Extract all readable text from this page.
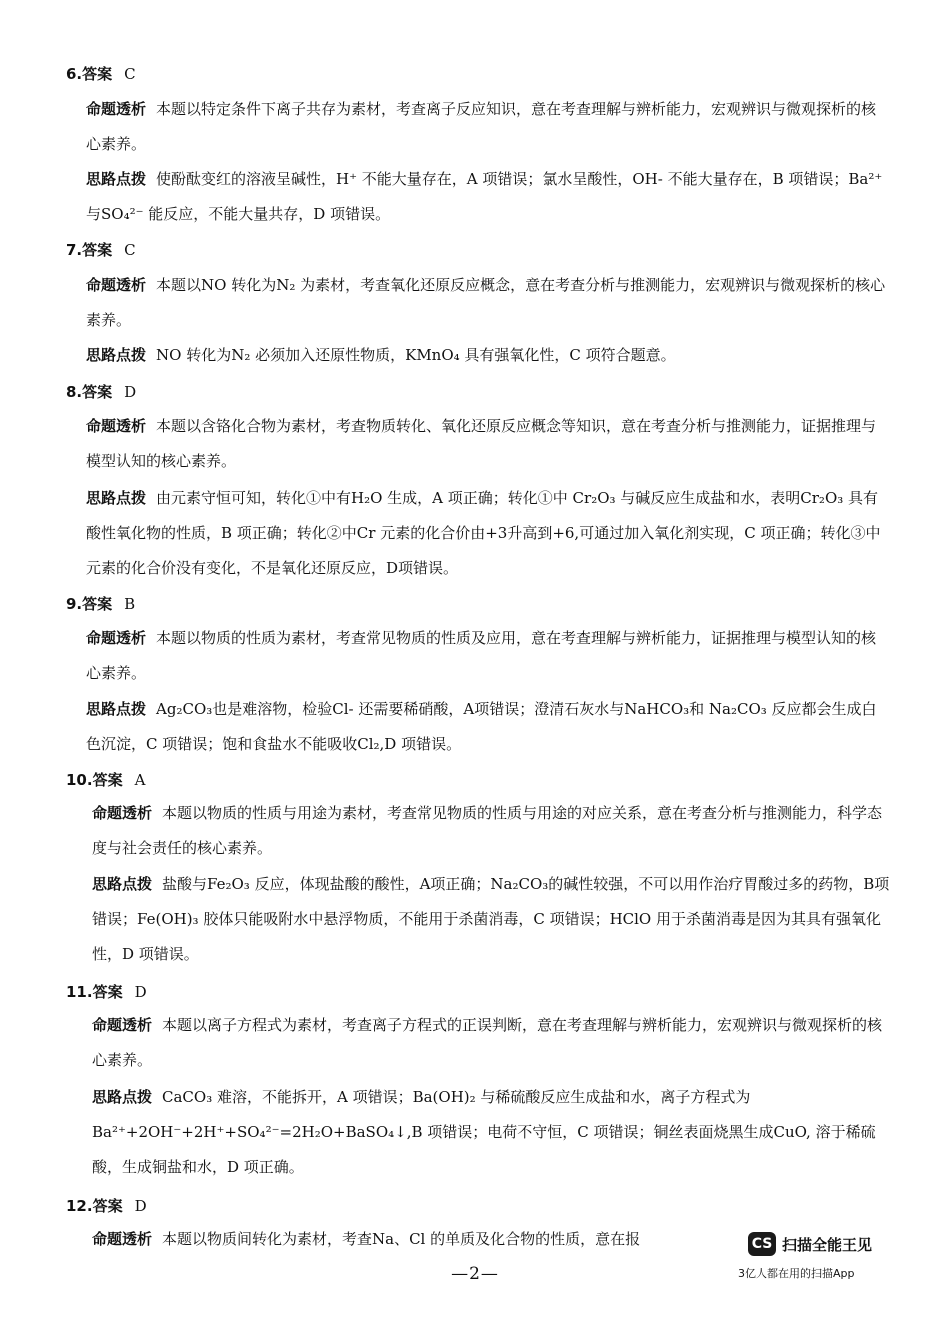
6.答案 C
命题透析 本题以特定条件下离子共存为素材，考查离子反应知识，意在考查理解与辨析能力，宏观辨识与微观探析的核心素养。
思路点拨 使酚酞变红的溶液呈碱性，H⁺ 不能大量存在，A 项错误；氯水呈酸性，OH- 不能大量存在，B 项错误；Ba²⁺与SO₄²⁻ 能反应，不能大量共存，D 项错误。
7.答案 C
命题透析 本题以NO 转化为N₂ 为素材，考查氧化还原反应概念，意在考查分析与推测能力，宏观辨识与微观探析的核心素养。
思路点拨 NO 转化为N₂ 必须加入还原性物质，KMnO₄ 具有强氧化性，C 项符合题意。
8.答案 D
命题透析 本题以含铬化合物为素材，考查物质转化、氧化还原反应概念等知识，意在考查分析与推测能力，证据推理与模型认知的核心素养。
思路点拨 由元素守恒可知，转化①中有H₂O 生成，A 项正确；转化①中 Cr₂O₃ 与碱反应生成盐和水，表明Cr₂O₃ 具有酸性氧化物的性质，B 项正确；转化②中Cr 元素的化合价由+3升高到+6,可通过加入氧化剂实现，C 项正确；转化③中元素的化合价没有变化，不是氧化还原反应，D项错误。
9.答案 B
命题透析 本题以物质的性质为素材，考查常见物质的性质及应用，意在考查理解与辨析能力，证据推理与模型认知的核心素养。
思路点拨 Ag₂CO₃也是难溶物，检验Cl- 还需要稀硝酸，A项错误；澄清石灰水与NaHCO₃和 Na₂CO₃ 反应都会生成白色沉淀，C 项错误；饱和食盐水不能吸收Cl₂,D 项错误。
10.答案 A
命题透析 本题以物质的性质与用途为素材，考查常见物质的性质与用途的对应关系，意在考查分析与推测能力，科学态度与社会责任的核心素养。
思路点拨 盐酸与Fe₂O₃ 反应，体现盐酸的酸性，A项正确；Na₂CO₃的碱性较强，不可以用作治疗胃酸过多的药物，B项错误；Fe(OH)₃ 胶体只能吸附水中悬浮物质，不能用于杀菌消毒，C 项错误；HClO 用于杀菌消毒是因为其具有强氧化性，D 项错误。
11.答案 D
命题透析 本题以离子方程式为素材，考查离子方程式的正误判断，意在考查理解与辨析能力，宏观辨识与微观探析的核心素养。
思路点拨 CaCO₃ 难溶，不能拆开，A 项错误；Ba(OH)₂ 与稀硫酸反应生成盐和水，离子方程式为 Ba²⁺+2OH⁻+2H⁺+SO₄²⁻=2H₂O+BaSO₄↓,B 项错误；电荷不守恒，C 项错误；铜丝表面烧黑生成CuO, 溶于稀硫酸，生成铜盐和水，D 项正确。
12.答案 D
命题透析 本题以物质间转化为素材，考查Na、Cl 的单质及化合物的性质，意在报
—2—
CS 扫描全能王见
3亿人都在用的扫描App
